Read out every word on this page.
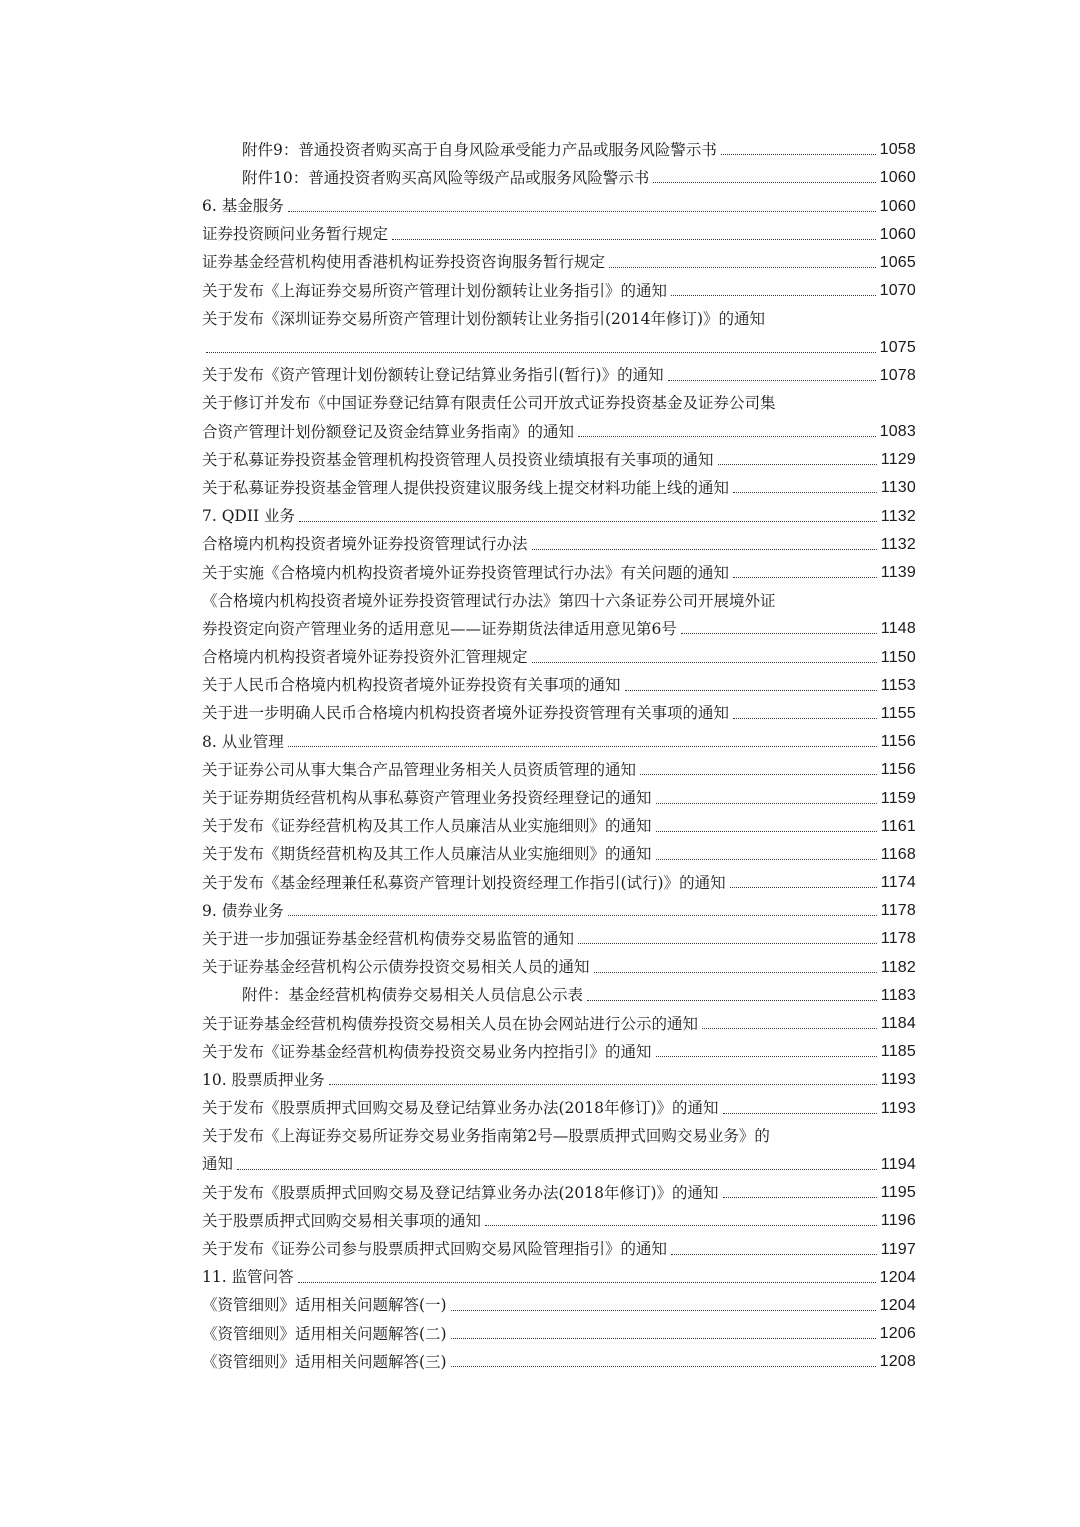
附件9：普通投资者购买高于自身风险承受能力产品或服务风险警示书	1058
附件10：普通投资者购买高风险等级产品或服务风险警示书	1060
6. 基金服务	1060
证券投资顾问业务暂行规定	1060
证券基金经营机构使用香港机构证券投资咨询服务暂行规定	1065
关于发布《上海证券交易所资产管理计划份额转让业务指引》的通知	1070
关于发布《深圳证券交易所资产管理计划份额转让业务指引(2014年修订)》的通知
1075
关于发布《资产管理计划份额转让登记结算业务指引(暂行)》的通知	1078
关于修订并发布《中国证券登记结算有限责任公司开放式证券投资基金及证券公司集
合资产管理计划份额登记及资金结算业务指南》的通知	1083
关于私募证券投资基金管理机构投资管理人员投资业绩填报有关事项的通知	1129
关于私募证券投资基金管理人提供投资建议服务线上提交材料功能上线的通知	1130
7. QDII 业务	1132
合格境内机构投资者境外证券投资管理试行办法	1132
关于实施《合格境内机构投资者境外证券投资管理试行办法》有关问题的通知	1139
《合格境内机构投资者境外证券投资管理试行办法》第四十六条证券公司开展境外证
券投资定向资产管理业务的适用意见——证券期货法律适用意见第6号	1148
合格境内机构投资者境外证券投资外汇管理规定	1150
关于人民币合格境内机构投资者境外证券投资有关事项的通知	1153
关于进一步明确人民币合格境内机构投资者境外证券投资管理有关事项的通知	1155
8. 从业管理	1156
关于证券公司从事大集合产品管理业务相关人员资质管理的通知	1156
关于证券期货经营机构从事私募资产管理业务投资经理登记的通知	1159
关于发布《证券经营机构及其工作人员廉洁从业实施细则》的通知	1161
关于发布《期货经营机构及其工作人员廉洁从业实施细则》的通知	1168
关于发布《基金经理兼任私募资产管理计划投资经理工作指引(试行)》的通知	1174
9. 债券业务	1178
关于进一步加强证券基金经营机构债券交易监管的通知	1178
关于证券基金经营机构公示债券投资交易相关人员的通知	1182
附件：基金经营机构债券交易相关人员信息公示表	1183
关于证券基金经营机构债券投资交易相关人员在协会网站进行公示的通知	1184
关于发布《证券基金经营机构债券投资交易业务内控指引》的通知	1185
10. 股票质押业务	1193
关于发布《股票质押式回购交易及登记结算业务办法(2018年修订)》的通知	1193
关于发布《上海证券交易所证券交易业务指南第2号—股票质押式回购交易业务》的
通知	1194
关于发布《股票质押式回购交易及登记结算业务办法(2018年修订)》的通知	1195
关于股票质押式回购交易相关事项的通知	1196
关于发布《证券公司参与股票质押式回购交易风险管理指引》的通知	1197
11. 监管问答	1204
《资管细则》适用相关问题解答(一)	1204
《资管细则》适用相关问题解答(二)	1206
《资管细则》适用相关问题解答(三)	1208
